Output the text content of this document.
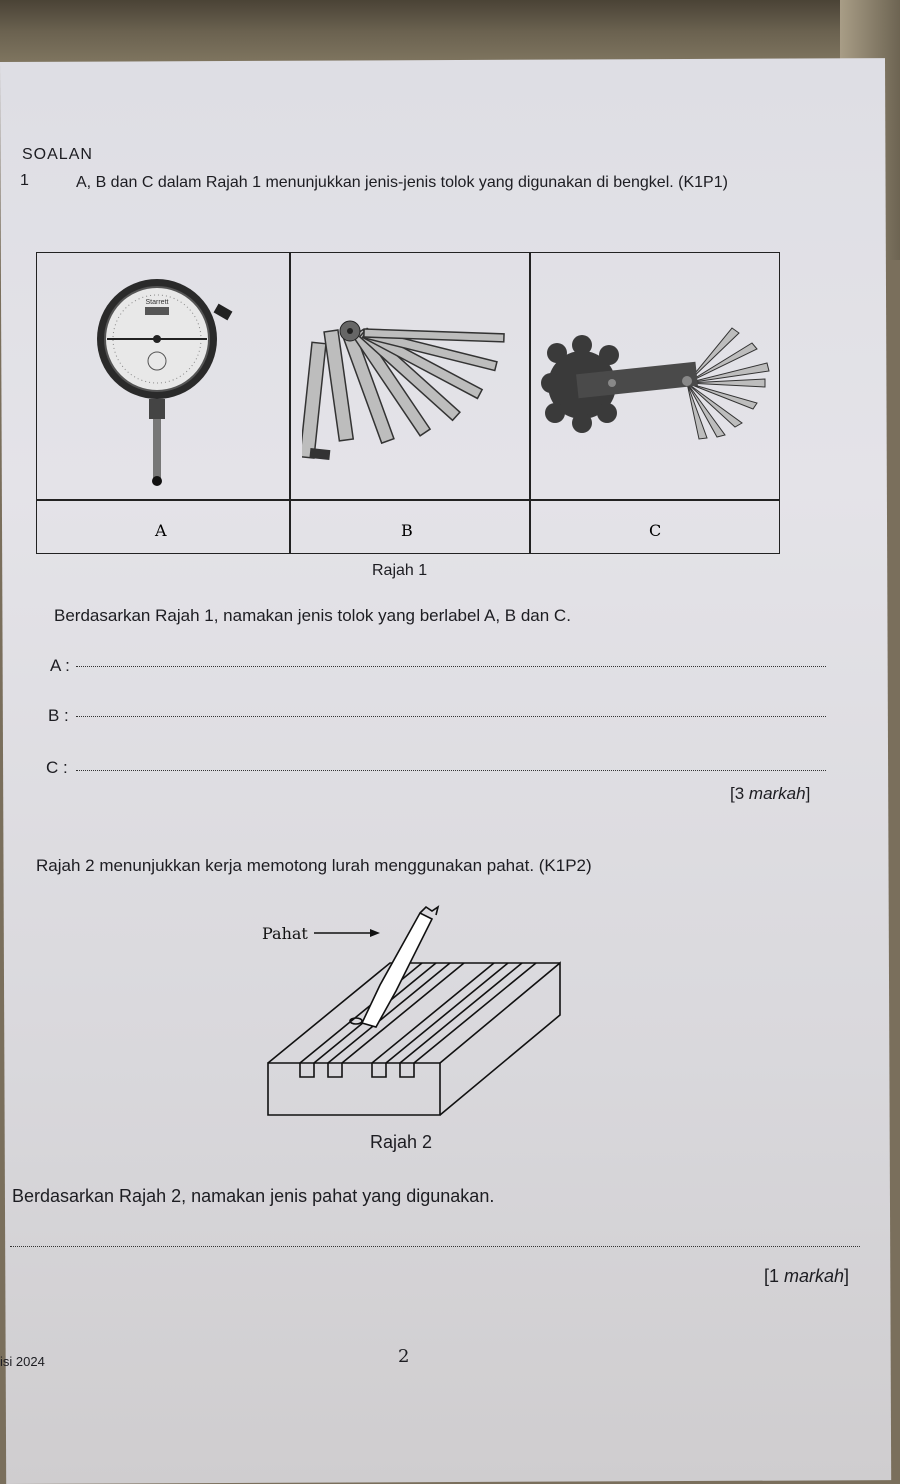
SOALAN
1	A, B dan C dalam Rajah 1 menunjukkan jenis-jenis tolok yang digunakan di bengkel. (K1P1)
Starrett
A	B	C
Rajah 1
Berdasarkan Rajah 1, namakan jenis tolok yang berlabel A, B dan C.
A :
B :
C :
[3 markah]
Rajah 2 menunjukkan kerja memotong lurah menggunakan pahat. (K1P2)
Pahat
Rajah 2
Berdasarkan Rajah 2, namakan jenis pahat yang digunakan.
[1 markah]
isi 2024	2
